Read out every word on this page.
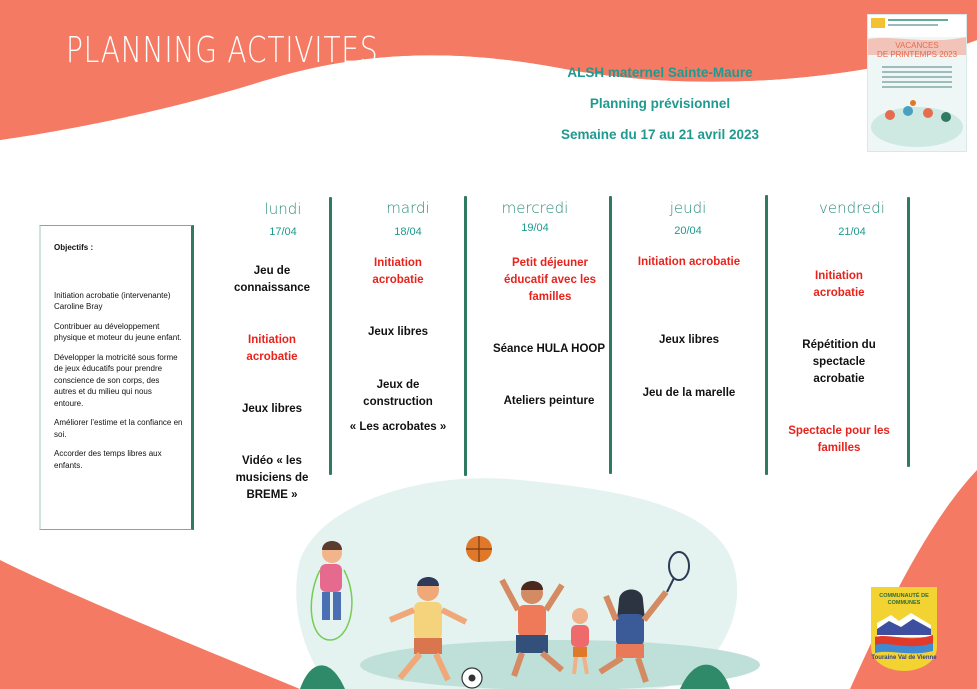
PLANNING ACTIVITES
ALSH maternel Sainte-Maure
Planning prévisionnel
Semaine du 17 au 21 avril 2023
VACANCES
DE PRINTEMPS 2023

Objectifs :

Initiation acrobatie (intervenante) Caroline Bray

Contribuer au développement physique et moteur du jeune enfant.

Développer la motricité sous forme de jeux éducatifs pour prendre conscience de son corps, des autres et du milieu qui nous entoure.

Améliorer l’estime et la confiance en soi.

Accorder des temps libres aux enfants.

lundi
17/04
mardi
18/04
mercredi
19/04
jeudi
20/04
vendredi
21/04
Jeu de connaissance
Initiation acrobatie
Jeux libres
Vidéo « les musiciens de BREME »
Initiation acrobatie
Jeux libres
Jeux de construction
« Les acrobates »
Petit déjeuner éducatif avec les familles
Séance HULA HOOP
Ateliers peinture
Initiation acrobatie
Jeux libres
Jeu de la marelle
Initiation acrobatie
Répétition du spectacle acrobatie
Spectacle pour les familles
COMMUNAUTÉ DE COMMUNES
Touraine Val de Vienne
